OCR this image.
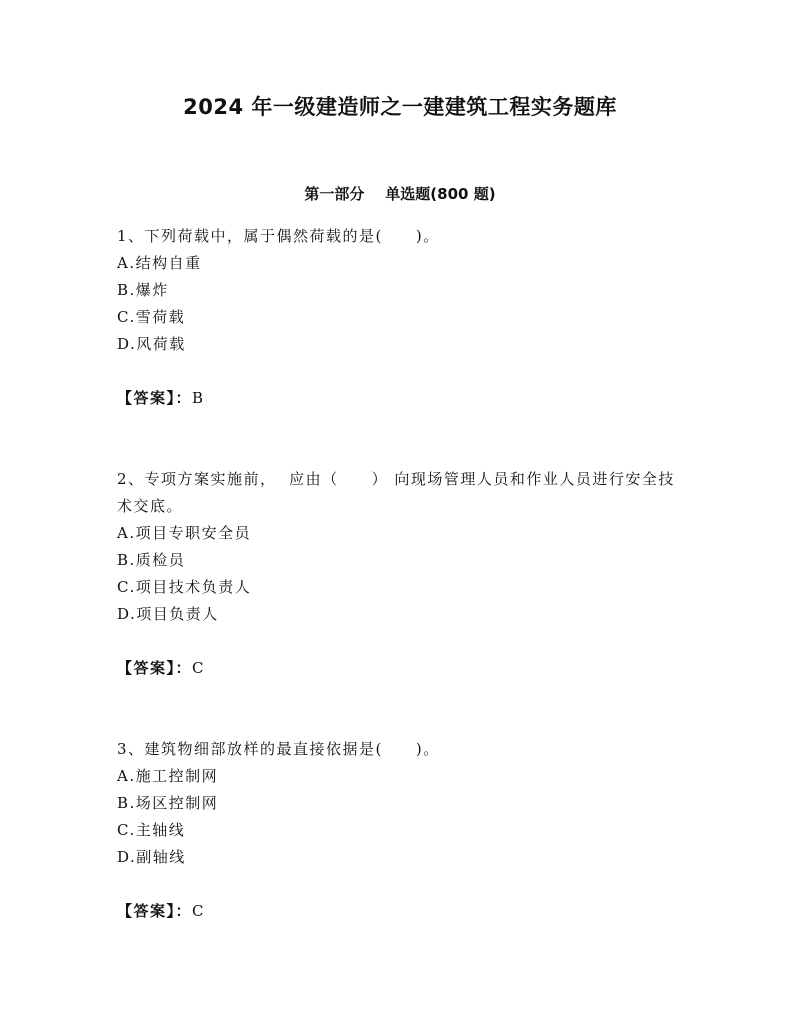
2024 年一级建造师之一建建筑工程实务题库
第一部分    单选题(800 题)

1、下列荷载中，属于偶然荷载的是(　　)。

A.结构自重
B.爆炸
C.雪荷载
D.风荷载

【答案】：B

2、专项方案实施前，  应由（　　） 向现场管理人员和作业人员进行安全技术交底。

A.项目专职安全员
B.质检员
C.项目技术负责人
D.项目负责人

【答案】：C

3、建筑物细部放样的最直接依据是(　　)。

A.施工控制网
B.场区控制网
C.主轴线
D.副轴线

【答案】：C
